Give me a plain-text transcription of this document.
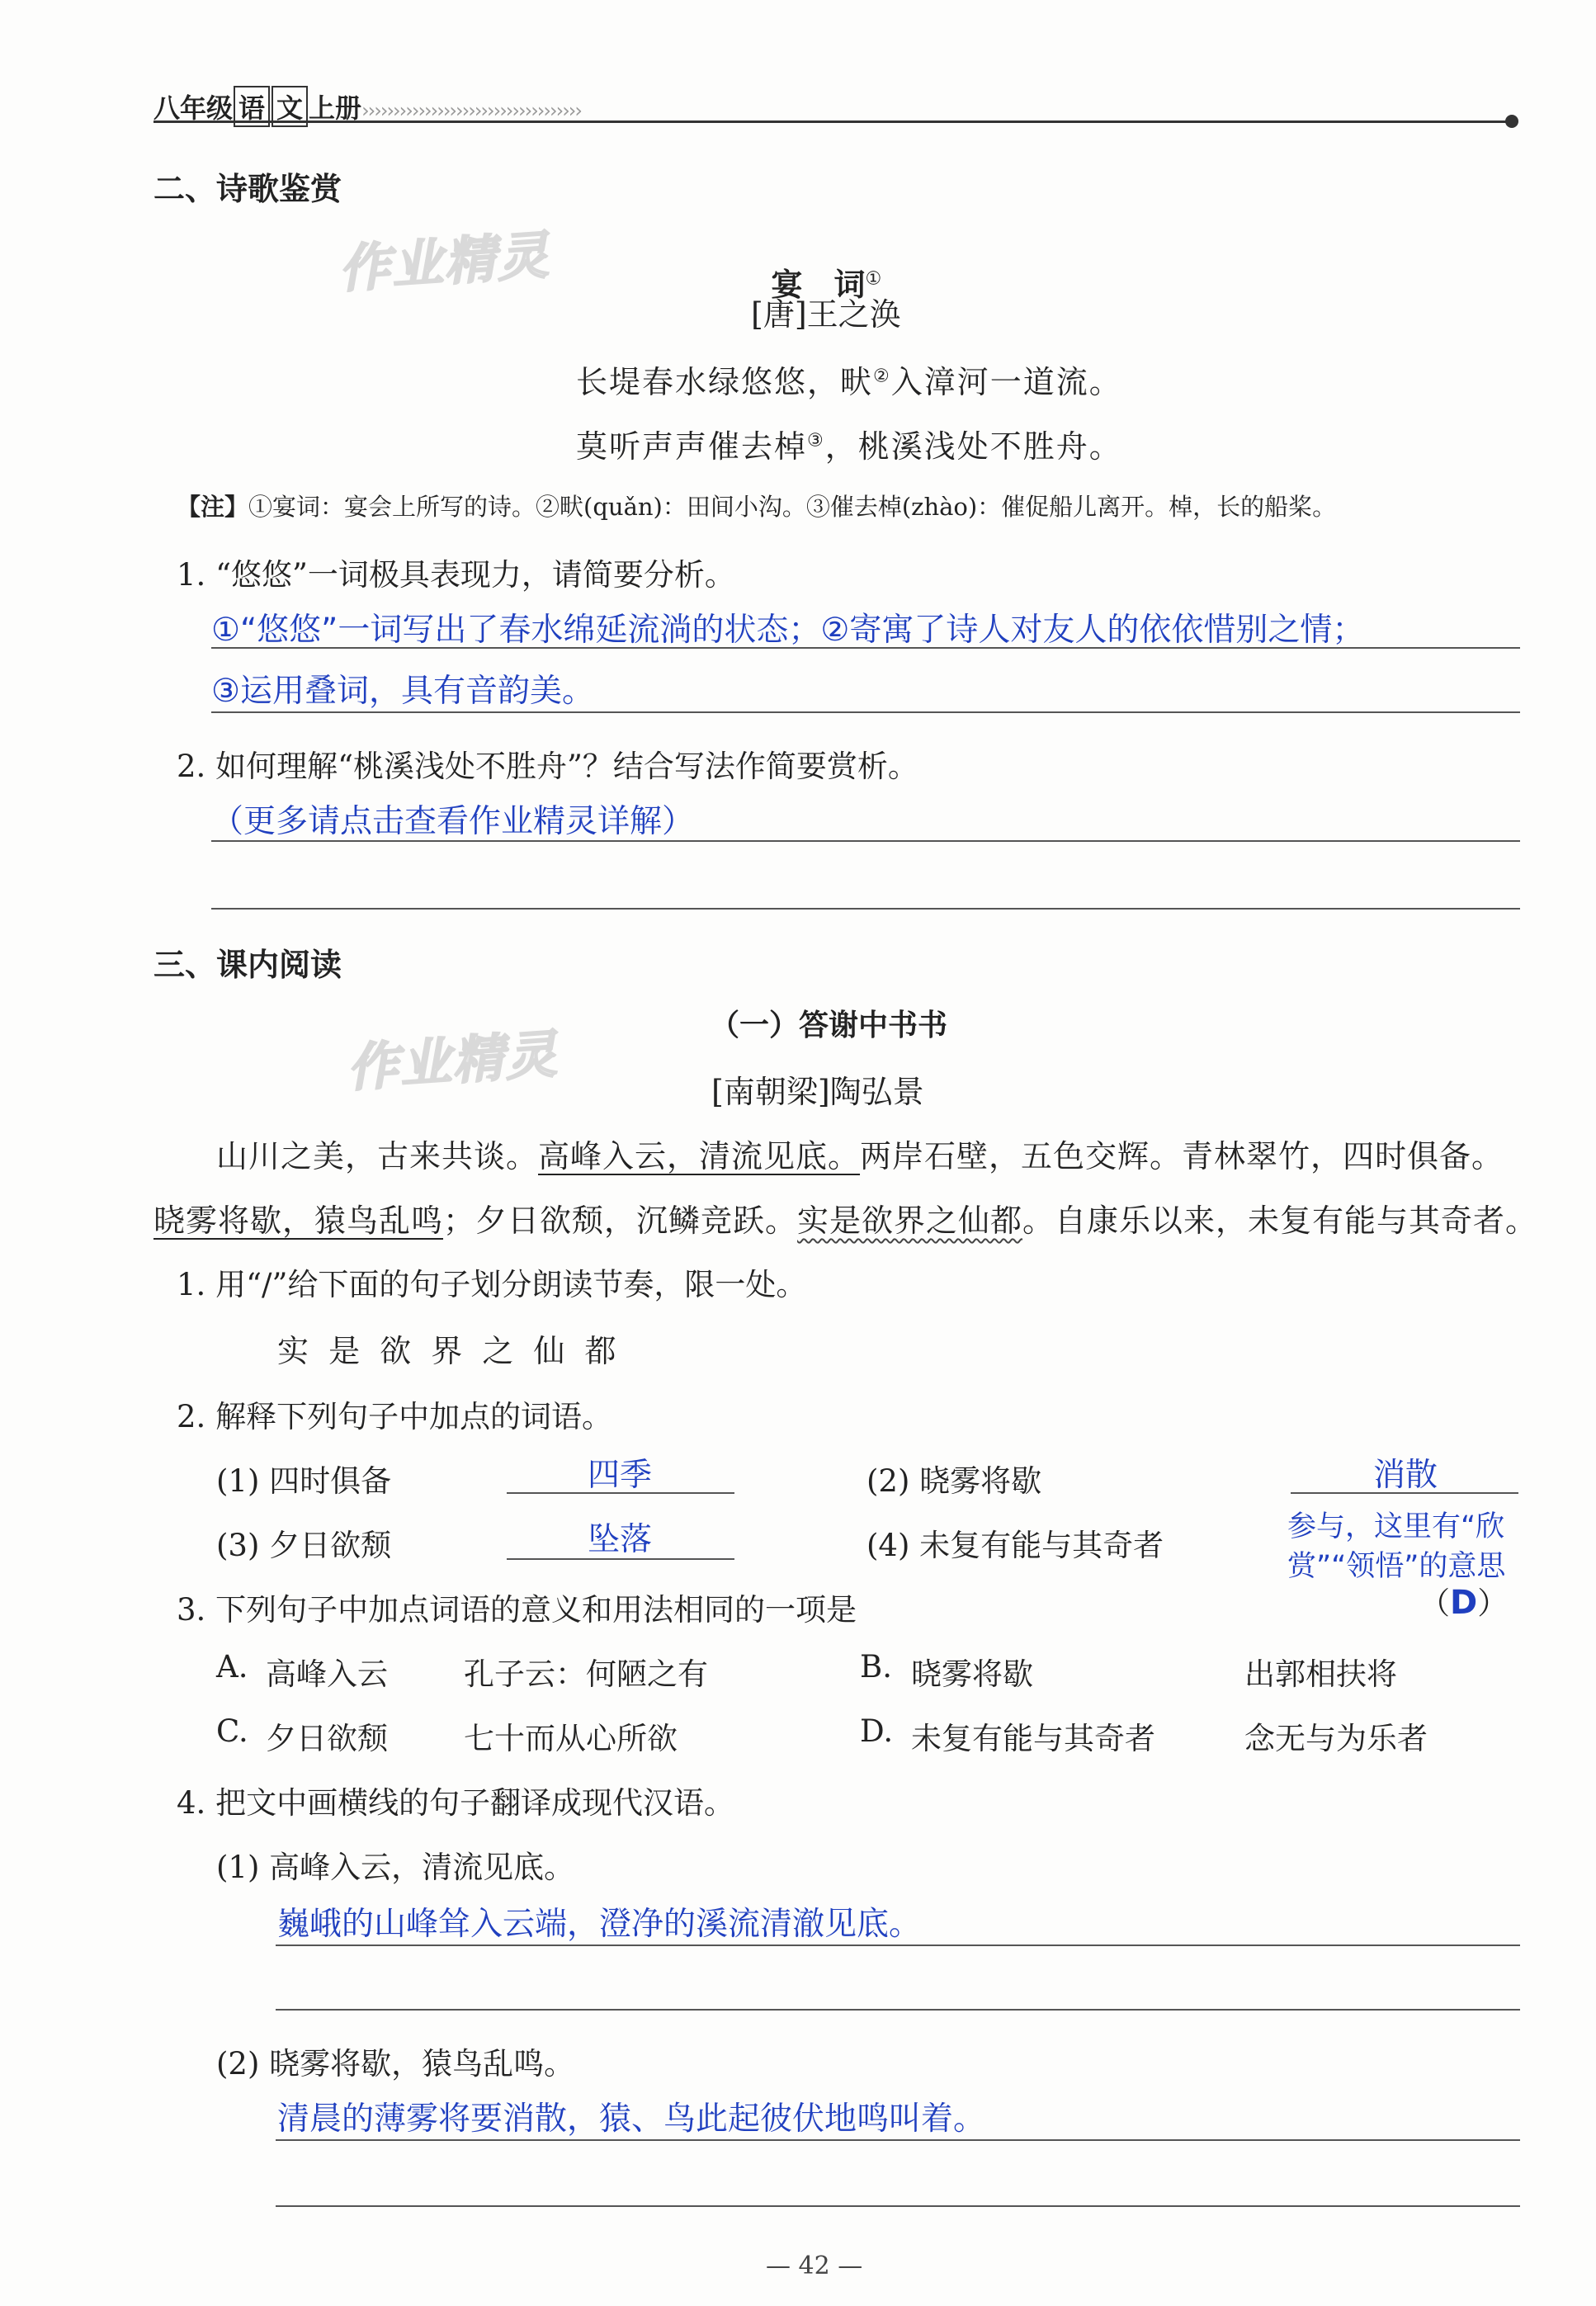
八年级 语 文 上册›››››››››››››››››››››››››››››››››››
二、诗歌鉴赏
作业精灵	宴　词①

[唐]王之涣
长堤春水绿悠悠，畎②入漳河一道流。
莫听声声催去棹③，桃溪浅处不胜舟。
【注】①宴词：宴会上所写的诗。②畎(quǎn)：田间小沟。③催去棹(zhào)：催促船儿离开。棹，长的船桨。
1. “悠悠”一词极具表现力，请简要分析。
①“悠悠”一词写出了春水绵延流淌的状态；②寄寓了诗人对友人的依依惜别之情；
③运用叠词，具有音韵美。
2. 如何理解“桃溪浅处不胜舟”？结合写法作简要赏析。
（更多请点击查看作业精灵详解）
三、课内阅读
作业精灵	（一）答谢中书书
[南朝梁]陶弘景
山川之美，古来共谈。高峰入云，清流见底。两岸石壁，五色交辉。青林翠竹，四时俱备。
晓雾将歇，猿鸟乱鸣；夕日欲颓，沉鳞竞跃。实是欲界之仙都。自康乐以来，未复有能与其奇者。
1. 用“/”给下面的句子划分朗读节奏，限一处。
实 是 欲 界 之 仙 都
2. 解释下列句子中加点的词语。
(1) 四时俱备	四季	(2) 晓雾将歇	消散
(3) 夕日欲颓	坠落	(4) 未复有能与其奇者
参与，这里有“欣赏”“领悟”的意思
3. 下列句子中加点词语的意义和用法相同的一项是	（D）
A. 高峰入云 孔子云：何陋之有	B. 晓雾将歇	出郭相扶将
C. 夕日欲颓 七十而从心所欲	D. 未复有能与其奇者	念无与为乐者
4. 把文中画横线的句子翻译成现代汉语。
(1) 高峰入云，清流见底。
巍峨的山峰耸入云端，澄净的溪流清澈见底。
(2) 晓雾将歇，猿鸟乱鸣。
清晨的薄雾将要消散，猿、鸟此起彼伏地鸣叫着。
— 42 —
